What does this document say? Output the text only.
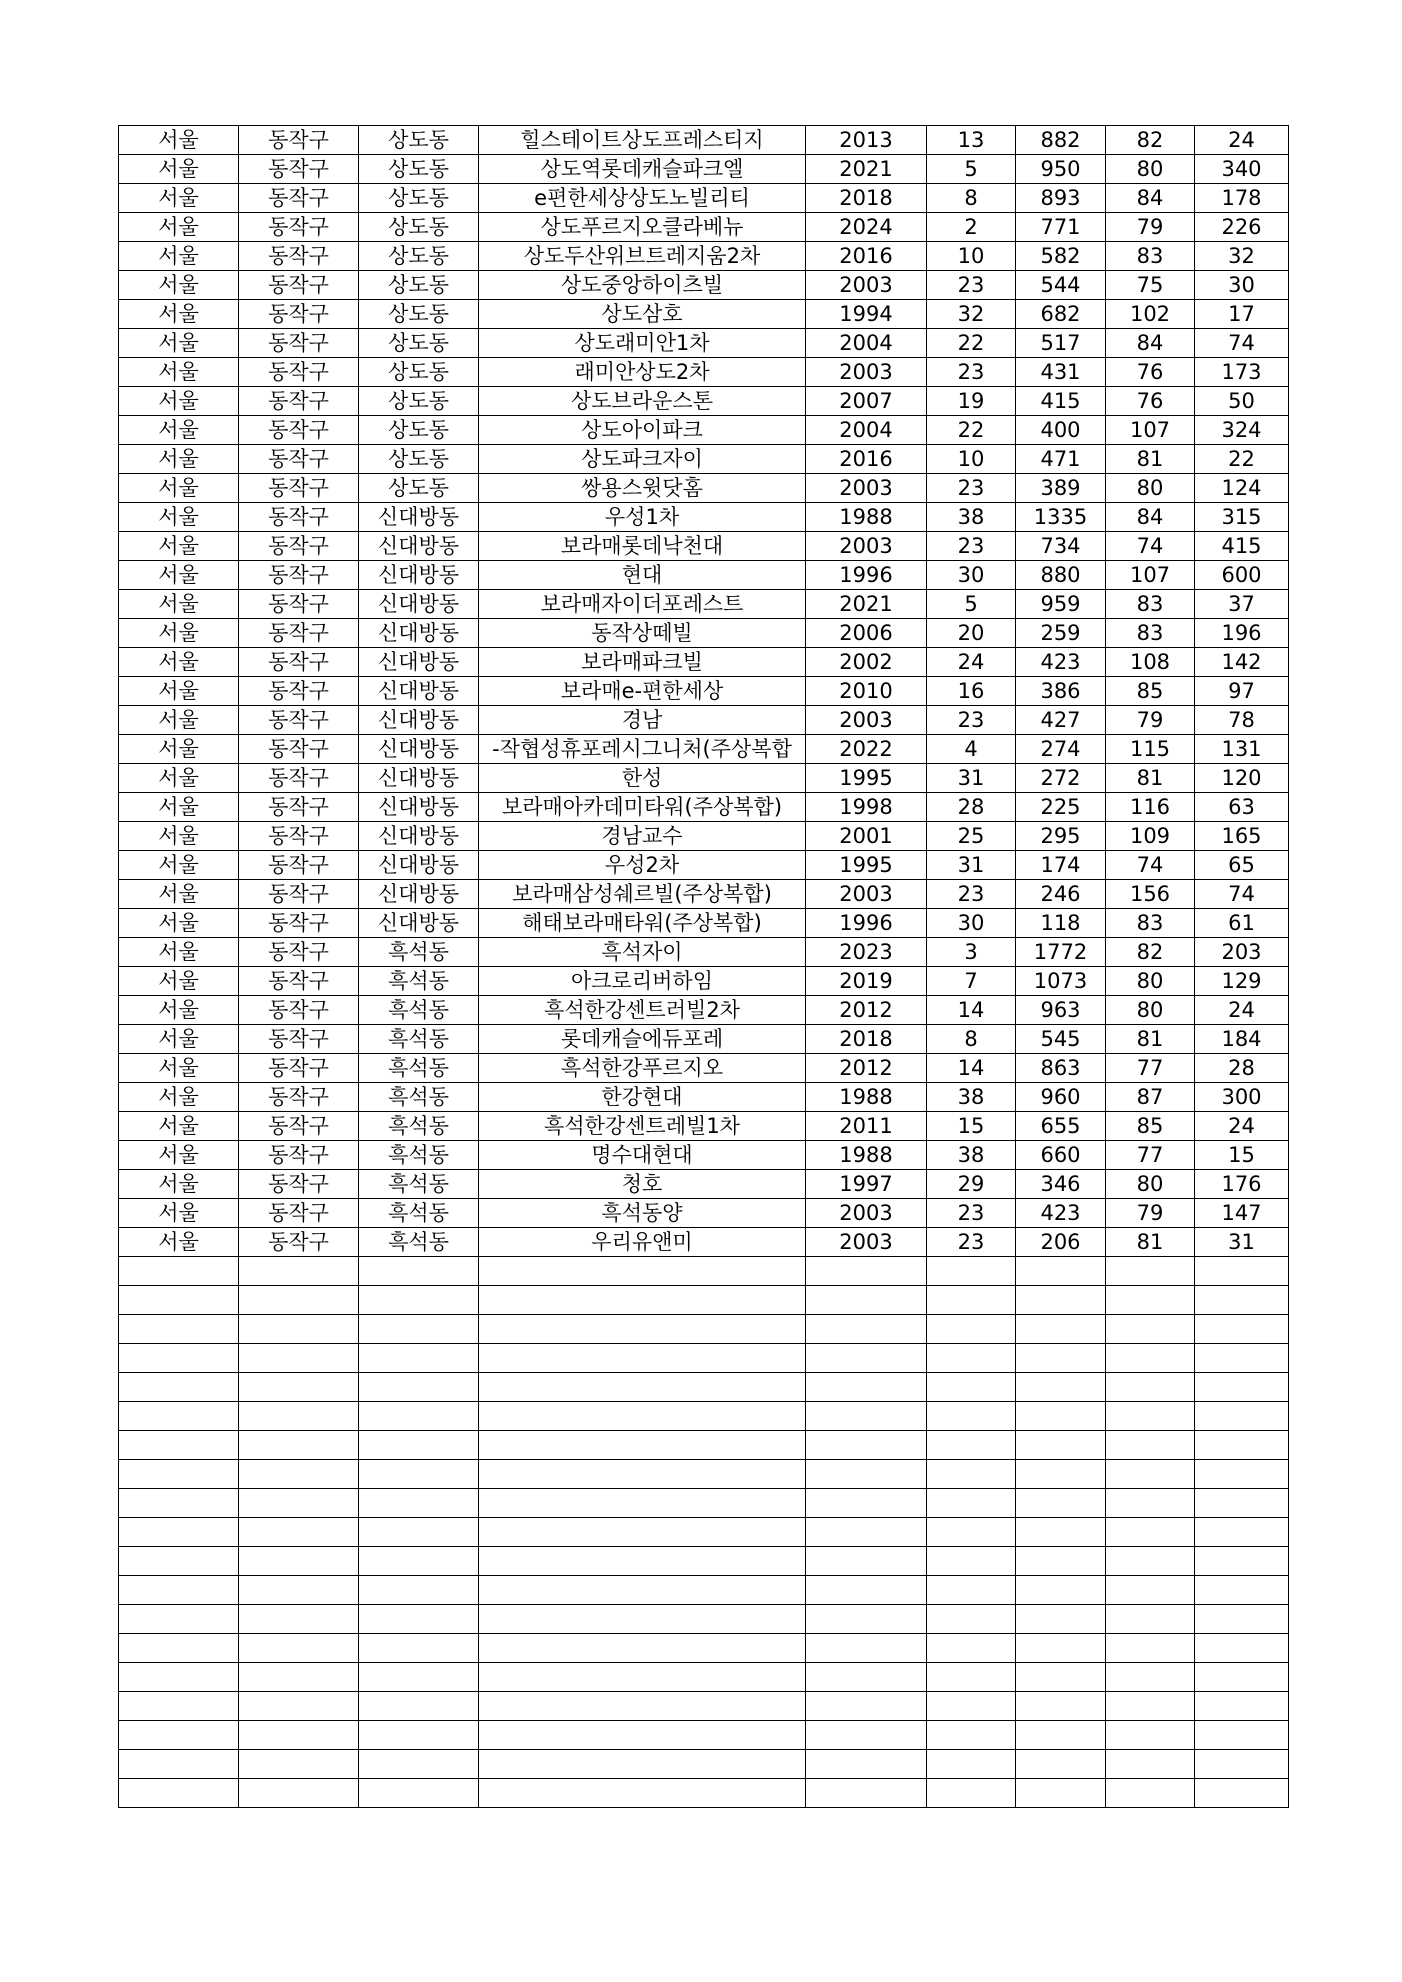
서울	동작구	상도동	힐스테이트상도프레스티지	2013	13	882	82	24
서울	동작구	상도동	상도역롯데캐슬파크엘	2021	5	950	80	340
서울	동작구	상도동	e편한세상상도노빌리티	2018	8	893	84	178
서울	동작구	상도동	상도푸르지오클라베뉴	2024	2	771	79	226
서울	동작구	상도동	상도두산위브트레지움2차	2016	10	582	83	32
서울	동작구	상도동	상도중앙하이츠빌	2003	23	544	75	30
서울	동작구	상도동	상도삼호	1994	32	682	102	17
서울	동작구	상도동	상도래미안1차	2004	22	517	84	74
서울	동작구	상도동	래미안상도2차	2003	23	431	76	173
서울	동작구	상도동	상도브라운스톤	2007	19	415	76	50
서울	동작구	상도동	상도아이파크	2004	22	400	107	324
서울	동작구	상도동	상도파크자이	2016	10	471	81	22
서울	동작구	상도동	쌍용스윗닷홈	2003	23	389	80	124
서울	동작구	신대방동	우성1차	1988	38	1335	84	315
서울	동작구	신대방동	보라매롯데낙천대	2003	23	734	74	415
서울	동작구	신대방동	현대	1996	30	880	107	600
서울	동작구	신대방동	보라매자이더포레스트	2021	5	959	83	37
서울	동작구	신대방동	동작상떼빌	2006	20	259	83	196
서울	동작구	신대방동	보라매파크빌	2002	24	423	108	142
서울	동작구	신대방동	보라매e-편한세상	2010	16	386	85	97
서울	동작구	신대방동	경남	2003	23	427	79	78
서울	동작구	신대방동	-작협성휴포레시그니처(주상복합	2022	4	274	115	131
서울	동작구	신대방동	한성	1995	31	272	81	120
서울	동작구	신대방동	보라매아카데미타워(주상복합)	1998	28	225	116	63
서울	동작구	신대방동	경남교수	2001	25	295	109	165
서울	동작구	신대방동	우성2차	1995	31	174	74	65
서울	동작구	신대방동	보라매삼성쉐르빌(주상복합)	2003	23	246	156	74
서울	동작구	신대방동	해태보라매타워(주상복합)	1996	30	118	83	61
서울	동작구	흑석동	흑석자이	2023	3	1772	82	203
서울	동작구	흑석동	아크로리버하임	2019	7	1073	80	129
서울	동작구	흑석동	흑석한강센트러빌2차	2012	14	963	80	24
서울	동작구	흑석동	롯데캐슬에듀포레	2018	8	545	81	184
서울	동작구	흑석동	흑석한강푸르지오	2012	14	863	77	28
서울	동작구	흑석동	한강현대	1988	38	960	87	300
서울	동작구	흑석동	흑석한강센트레빌1차	2011	15	655	85	24
서울	동작구	흑석동	명수대현대	1988	38	660	77	15
서울	동작구	흑석동	청호	1997	29	346	80	176
서울	동작구	흑석동	흑석동양	2003	23	423	79	147
서울	동작구	흑석동	우리유앤미	2003	23	206	81	31
